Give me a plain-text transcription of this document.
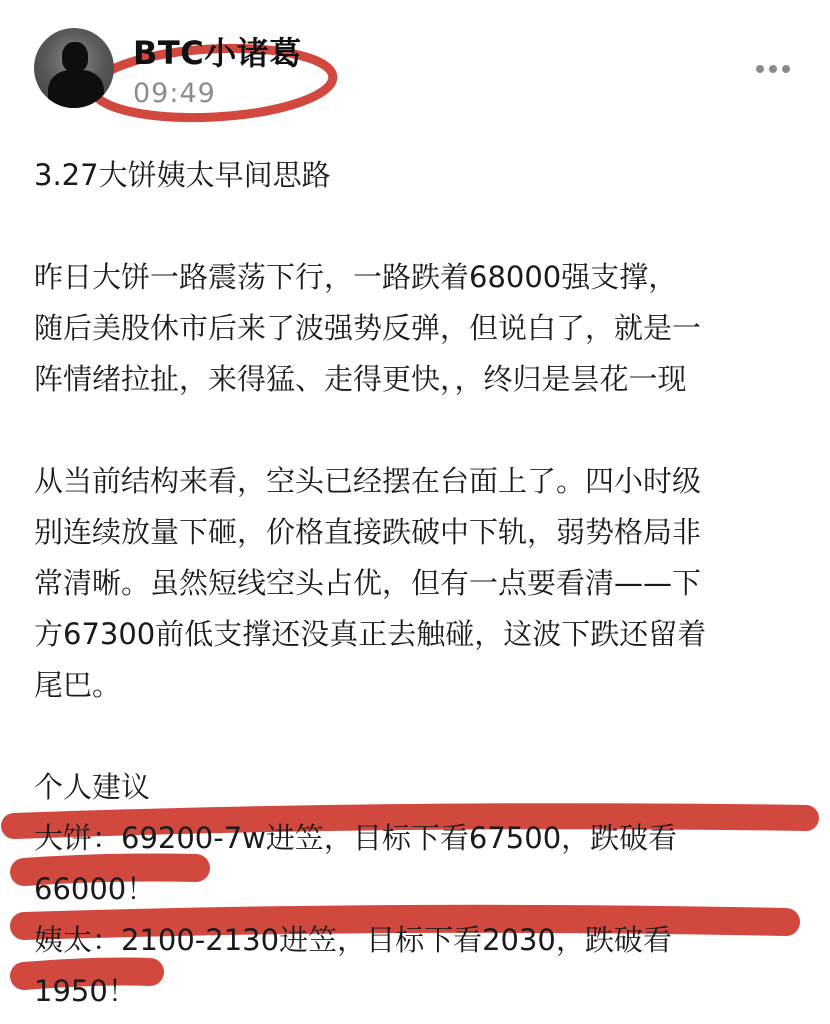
BTC小诸葛
09:49

3.27大饼姨太早间思路

昨日大饼一路震荡下行，一路跌着68000强支撑，

随后美股休市后来了波强势反弹，但说白了，就是一

阵情绪拉扯，来得猛、走得更快，，终归是昙花一现

从当前结构来看，空头已经摆在台面上了。四小时级

别连续放量下砸，价格直接跌破中下轨，弱势格局非

常清晰。虽然短线空头占优，但有一点要看清——下

方67300前低支撑还没真正去触碰，这波下跌还留着

尾巴。

个人建议

大饼：69200-7w进笠，目标下看67500，跌破看

66000！

姨太：2100-2130进笠，目标下看2030，跌破看

1950！
